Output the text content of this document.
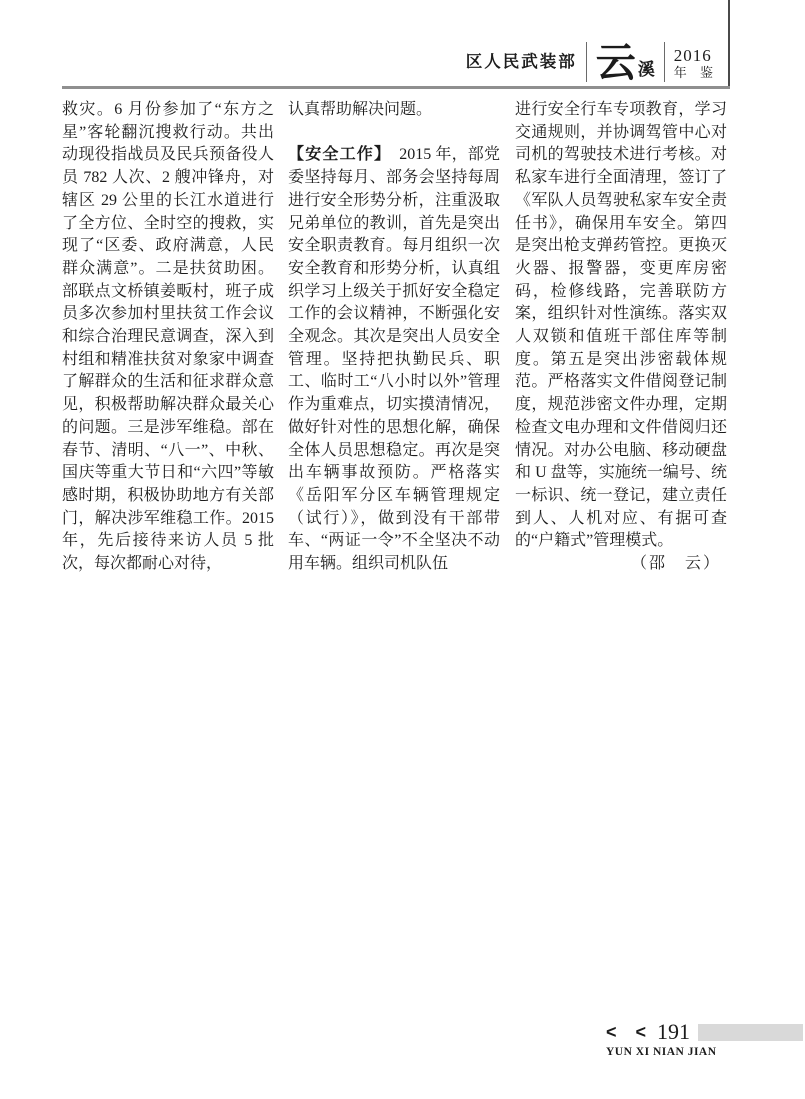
区人民武装部 云 溪
2016
年 鉴
救灾。6 月份参加了“东方之星”客轮翻沉搜救行动。共出动现役指战员及民兵预备役人员 782 人次、2 艘冲锋舟，对辖区 29 公里的长江水道进行了全方位、全时空的搜救，实现了“区委、政府满意，人民群众满意”。二是扶贫助困。部联点文桥镇姜畈村，班子成员多次参加村里扶贫工作会议和综合治理民意调查，深入到村组和精准扶贫对象家中调查了解群众的生活和征求群众意见，积极帮助解决群众最关心的问题。三是涉军维稳。部在春节、清明、“八一”、中秋、国庆等重大节日和“六四”等敏感时期，积极协助地方有关部门，解决涉军维稳工作。2015 年，先后接待来访人员 5 批次，每次都耐心对待，
认真帮助解决问题。
【安全工作】 2015 年，部党委坚持每月、部务会坚持每周进行安全形势分析，注重汲取兄弟单位的教训，首先是突出安全职责教育。每月组织一次安全教育和形势分析，认真组织学习上级关于抓好安全稳定工作的会议精神，不断强化安全观念。其次是突出人员安全管理。坚持把执勤民兵、职工、临时工“八小时以外”管理作为重难点，切实摸清情况，做好针对性的思想化解，确保全体人员思想稳定。再次是突出车辆事故预防。严格落实《岳阳军分区车辆管理规定（试行）》，做到没有干部带车、“两证一令”不全坚决不动用车辆。组织司机队伍
进行安全行车专项教育，学习交通规则，并协调驾管中心对司机的驾驶技术进行考核。对私家车进行全面清理，签订了《军队人员驾驶私家车安全责任书》，确保用车安全。第四是突出枪支弹药管控。更换灭火器、报警器，变更库房密码，检修线路，完善联防方案，组织针对性演练。落实双人双锁和值班干部住库等制度。第五是突出涉密载体规范。严格落实文件借阅登记制度，规范涉密文件办理，定期检查文电办理和文件借阅归还情况。对办公电脑、移动硬盘和 U 盘等，实施统一编号、统一标识、统一登记，建立责任到人、人机对应、有据可查的“户籍式”管理模式。
（邵　云）
< < 191
YUN XI NIAN JIAN
